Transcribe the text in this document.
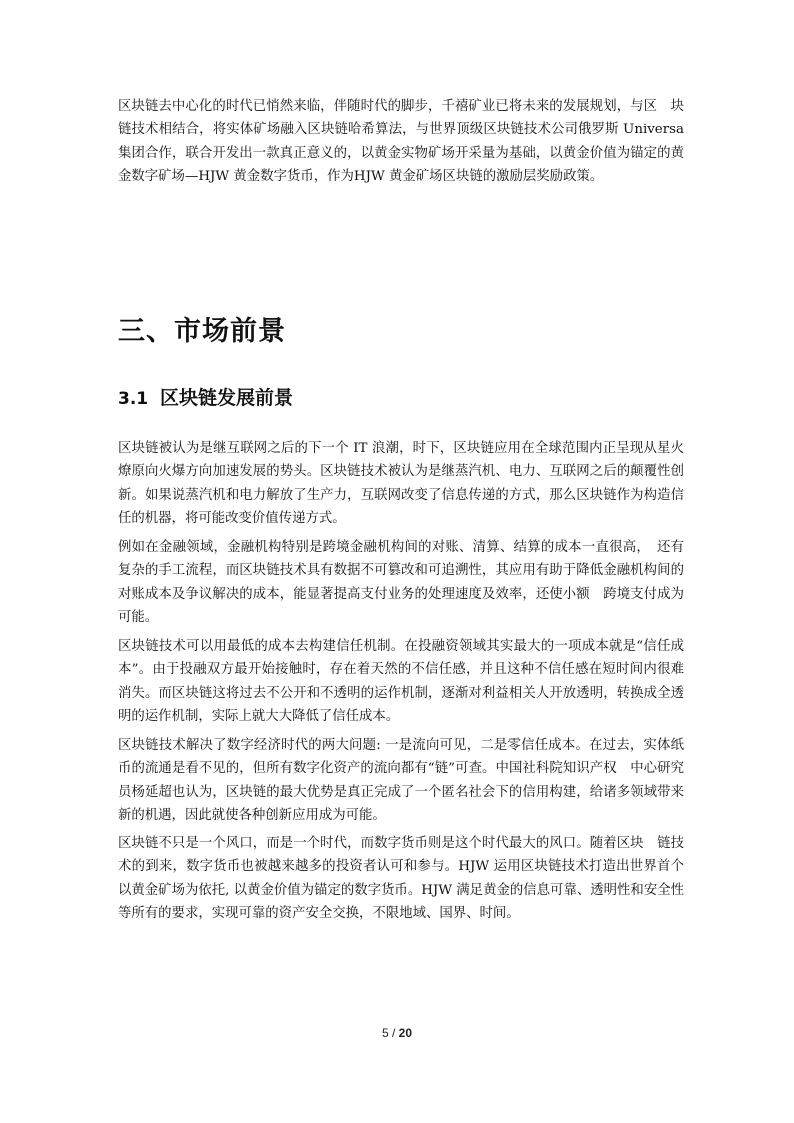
区块链去中心化的时代已悄然来临，伴随时代的脚步，千禧矿业已将未来的发展规划，与区　块链技术相结合，将实体矿场融入区块链哈希算法，与世界顶级区块链技术公司俄罗斯 Universa 集团合作，联合开发出一款真正意义的，以黄金实物矿场开采量为基础，以黄金价值为锚定的黄金数字矿场—HJW 黄金数字货币，作为HJW 黄金矿场区块链的激励层奖励政策。

三、市场前景
3.1 区块链发展前景

区块链被认为是继互联网之后的下一个 IT 浪潮，时下，区块链应用在全球范围内正呈现从星火燎原向火爆方向加速发展的势头。区块链技术被认为是继蒸汽机、电力、互联网之后的颠覆性创新。如果说蒸汽机和电力解放了生产力，互联网改变了信息传递的方式，那么区块链作为构造信任的机器，将可能改变价值传递方式。

例如在金融领域，金融机构特别是跨境金融机构间的对账、清算、结算的成本一直很高，　还有复杂的手工流程，而区块链技术具有数据不可篡改和可追溯性，其应用有助于降低金融机构间的对账成本及争议解决的成本，能显著提高支付业务的处理速度及效率，还使小额　跨境支付成为可能。

区块链技术可以用最低的成本去构建信任机制。在投融资领域其实最大的一项成本就是“信任成本”。由于投融双方最开始接触时，存在着天然的不信任感，并且这种不信任感在短时间内很难消失。而区块链这将过去不公开和不透明的运作机制，逐渐对利益相关人开放透明，转换成全透明的运作机制，实际上就大大降低了信任成本。

区块链技术解决了数字经济时代的两大问题: 一是流向可见，二是零信任成本。在过去，实体纸币的流通是看不见的，但所有数字化资产的流向都有“链”可查。中国社科院知识产权　中心研究员杨延超也认为，区块链的最大优势是真正完成了一个匿名社会下的信用构建，给诸多领域带来新的机遇，因此就使各种创新应用成为可能。

区块链不只是一个风口，而是一个时代，而数字货币则是这个时代最大的风口。随着区块　链技术的到来，数字货币也被越来越多的投资者认可和参与。HJW 运用区块链技术打造出世界首个以黄金矿场为依托, 以黄金价值为锚定的数字货币。HJW 满足黄金的信息可靠、透明性和安全性等所有的要求，实现可靠的资产安全交换，不限地域、国界、时间。

5 / 20
